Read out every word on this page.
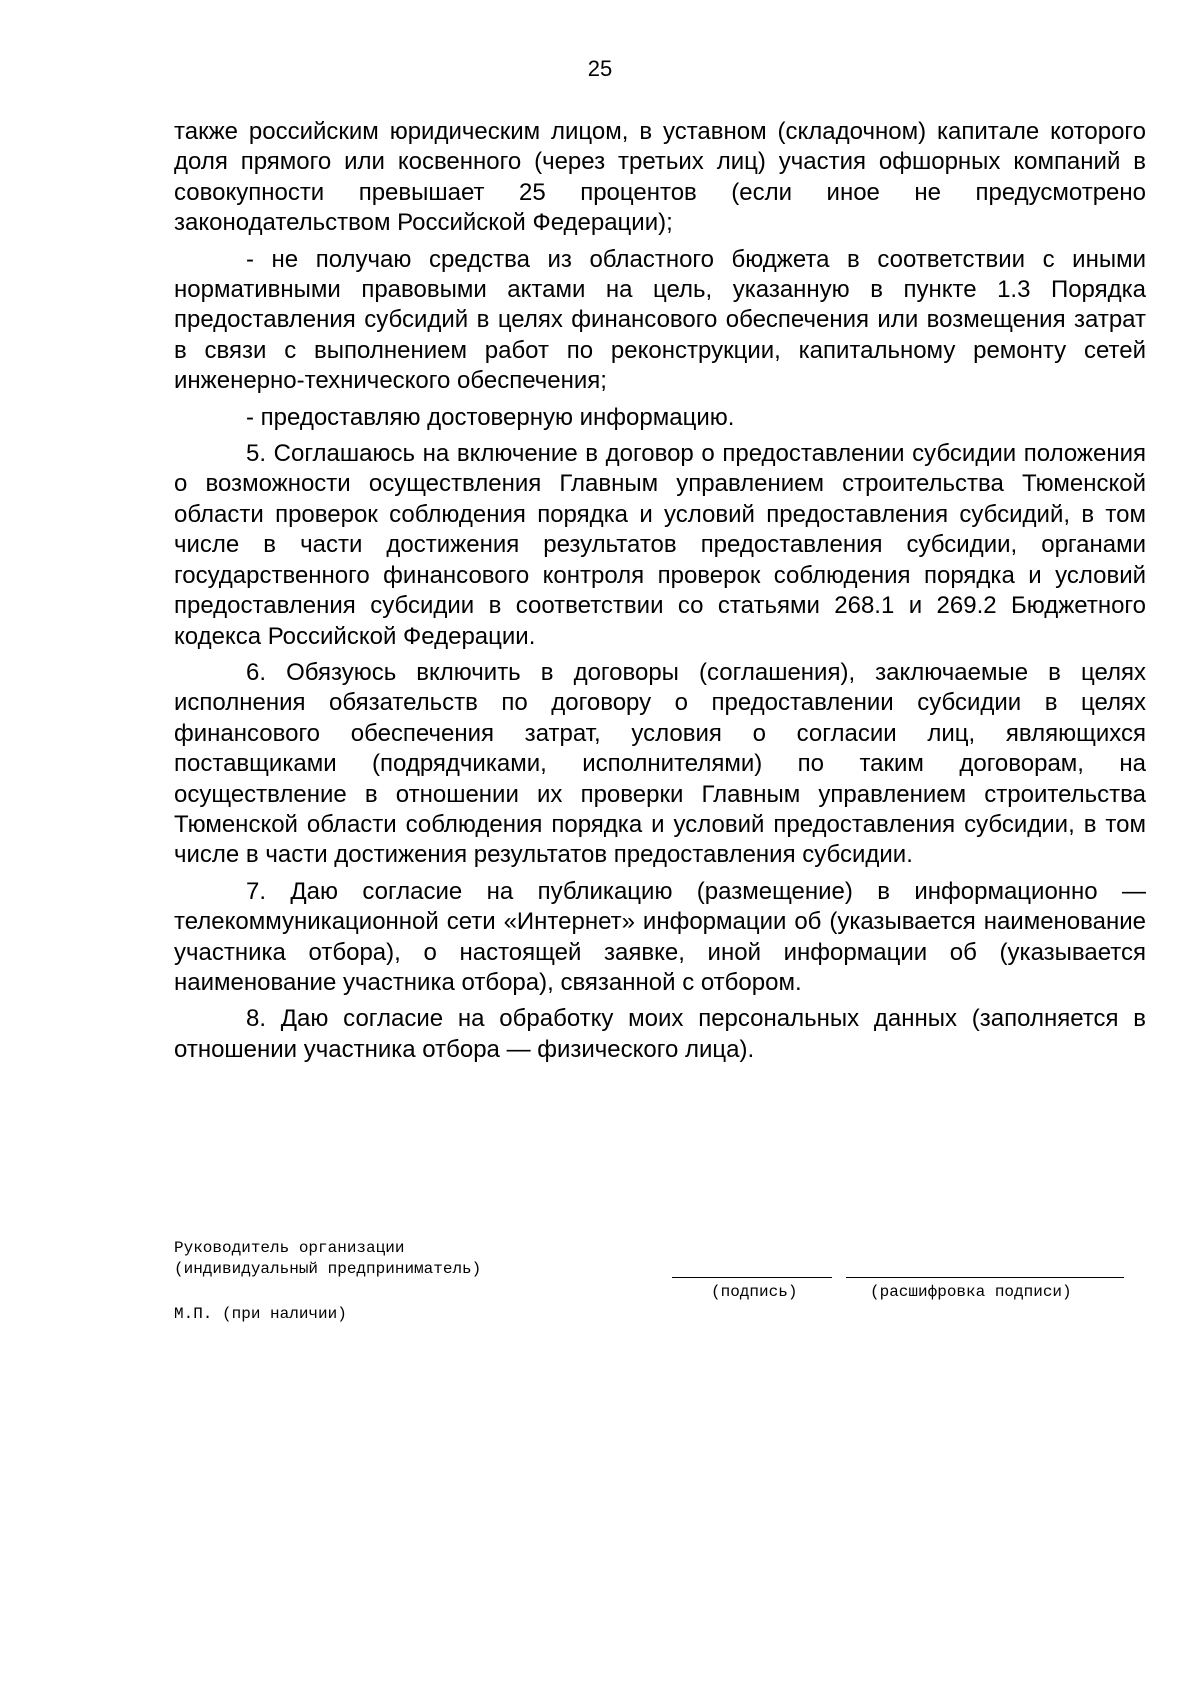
25

также российским юридическим лицом, в уставном (складочном) капитале которого доля прямого или косвенного (через третьих лиц) участия офшорных компаний в совокупности превышает 25 процентов (если иное не предусмотрено законодательством Российской Федерации);

- не получаю средства из областного бюджета в соответствии с иными нормативными правовыми актами на цель, указанную в пункте 1.3 Порядка предоставления субсидий в целях финансового обеспечения или возмещения затрат в связи с выполнением работ по реконструкции, капитальному ремонту сетей инженерно-технического обеспечения;

- предоставляю достоверную информацию.

5. Соглашаюсь на включение в договор о предоставлении субсидии положения о возможности осуществления Главным управлением строительства Тюменской области проверок соблюдения порядка и условий предоставления субсидий, в том числе в части достижения результатов предоставления субсидии, органами государственного финансового контроля проверок соблюдения порядка и условий предоставления субсидии в соответствии со статьями 268.1 и 269.2 Бюджетного кодекса Российской Федерации.

6. Обязуюсь включить в договоры (соглашения), заключаемые в целях исполнения обязательств по договору о предоставлении субсидии в целях финансового обеспечения затрат, условия о согласии лиц, являющихся поставщиками (подрядчиками, исполнителями) по таким договорам, на осуществление в отношении их проверки Главным управлением строительства Тюменской области соблюдения порядка и условий предоставления субсидии, в том числе в части достижения результатов предоставления субсидии.

7. Даю согласие на публикацию (размещение) в информационно — телекоммуникационной сети «Интернет» информации об (указывается наименование участника отбора), о настоящей заявке, иной информации об (указывается наименование участника отбора), связанной с отбором.

8. Даю согласие на обработку моих персональных данных (заполняется в отношении участника отбора — физического лица).

Руководитель организации
(индивидуальный предприниматель)
(подпись)	(расшифровка подписи)
М.П. (при наличии)
